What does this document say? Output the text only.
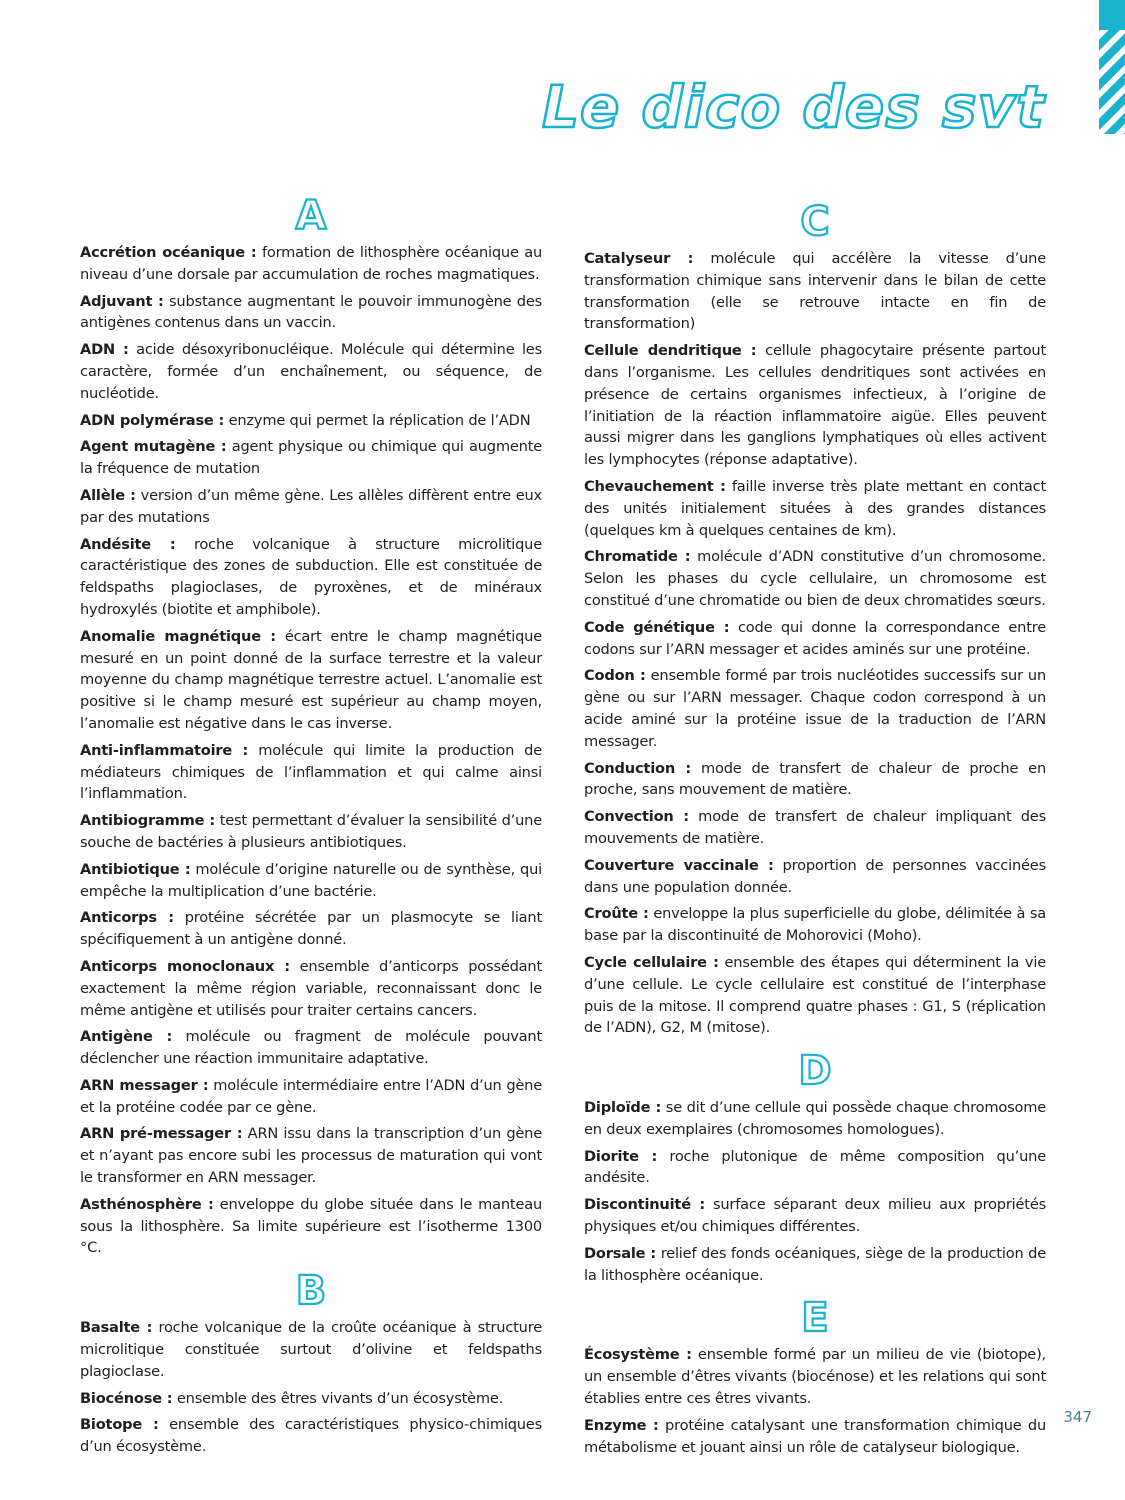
Le dico des svt
A

Accrétion océanique : formation de lithosphère océanique au niveau d’une dorsale par accumulation de roches magmatiques.

Adjuvant : substance augmentant le pouvoir immunogène des antigènes contenus dans un vaccin.

ADN : acide désoxyribonucléique. Molécule qui détermine les caractère, formée d’un enchaînement, ou séquence, de nucléotide.

ADN polymérase : enzyme qui permet la réplication de l’ADN

Agent mutagène : agent physique ou chimique qui augmente la fréquence de mutation

Allèle : version d’un même gène. Les allèles diffèrent entre eux par des mutations

Andésite : roche volcanique à structure microlitique caractéristique des zones de subduction. Elle est constituée de feldspaths plagioclases, de pyroxènes, et de minéraux hydroxylés (biotite et amphibole).

Anomalie magnétique : écart entre le champ magnétique mesuré en un point donné de la surface terrestre et la valeur moyenne du champ magnétique terrestre actuel. L’anomalie est positive si le champ mesuré est supérieur au champ moyen, l’anomalie est négative dans le cas inverse.

Anti-inflammatoire : molécule qui limite la production de médiateurs chimiques de l’inflammation et qui calme ainsi l’inflammation.

Antibiogramme : test permettant d’évaluer la sensibilité d’une souche de bactéries à plusieurs antibiotiques.

Antibiotique : molécule d’origine naturelle ou de synthèse, qui empêche la multiplication d’une bactérie.

Anticorps : protéine sécrétée par un plasmocyte se liant spécifiquement à un antigène donné.

Anticorps monoclonaux : ensemble d’anticorps possédant exactement la même région variable, reconnaissant donc le même antigène et utilisés pour traiter certains cancers.

Antigène : molécule ou fragment de molécule pouvant déclencher une réaction immunitaire adaptative.

ARN messager : molécule intermédiaire entre l’ADN d’un gène et la protéine codée par ce gène.

ARN pré-messager : ARN issu dans la transcription d’un gène et n’ayant pas encore subi les processus de maturation qui vont le transformer en ARN messager.

Asthénosphère : enveloppe du globe située dans le manteau sous la lithosphère. Sa limite supérieure est l’isotherme 1300 °C.

B

Basalte : roche volcanique de la croûte océanique à structure microlitique constituée surtout d’olivine et feldspaths plagioclase.

Biocénose : ensemble des êtres vivants d’un écosystème.

Biotope : ensemble des caractéristiques physico-chimiques d’un écosystème.

C

Catalyseur : molécule qui accélère la vitesse d’une transformation chimique sans intervenir dans le bilan de cette transformation (elle se retrouve intacte en fin de transformation)

Cellule dendritique : cellule phagocytaire présente partout dans l’organisme. Les cellules dendritiques sont activées en présence de certains organismes infectieux, à l’origine de l’initiation de la réaction inflammatoire aigüe. Elles peuvent aussi migrer dans les ganglions lymphatiques où elles activent les lymphocytes (réponse adaptative).

Chevauchement : faille inverse très plate mettant en contact des unités initialement situées à des grandes distances (quelques km à quelques centaines de km).

Chromatide : molécule d’ADN constitutive d’un chromosome. Selon les phases du cycle cellulaire, un chromosome est constitué d’une chromatide ou bien de deux chromatides sœurs.

Code génétique : code qui donne la correspondance entre codons sur l’ARN messager et acides aminés sur une protéine.

Codon : ensemble formé par trois nucléotides successifs sur un gène ou sur l’ARN messager. Chaque codon correspond à un acide aminé sur la protéine issue de la traduction de l’ARN messager.

Conduction : mode de transfert de chaleur de proche en proche, sans mouvement de matière.

Convection : mode de transfert de chaleur impliquant des mouvements de matière.

Couverture vaccinale : proportion de personnes vaccinées dans une population donnée.

Croûte : enveloppe la plus superficielle du globe, délimitée à sa base par la discontinuité de Mohorovici (Moho).

Cycle cellulaire : ensemble des étapes qui déterminent la vie d’une cellule. Le cycle cellulaire est constitué de l’interphase puis de la mitose. Il comprend quatre phases : G1, S (réplication de l’ADN), G2, M (mitose).

D

Diploïde : se dit d’une cellule qui possède chaque chromosome en deux exemplaires (chromosomes homologues).

Diorite : roche plutonique de même composition qu’une andésite.

Discontinuité : surface séparant deux milieu aux propriétés physiques et/ou chimiques différentes.

Dorsale : relief des fonds océaniques, siège de la production de la lithosphère océanique.

E

Écosystème : ensemble formé par un milieu de vie (biotope), un ensemble d’êtres vivants (biocénose) et les relations qui sont établies entre ces êtres vivants.

Enzyme : protéine catalysant une transformation chimique du métabolisme et jouant ainsi un rôle de catalyseur biologique.

347
